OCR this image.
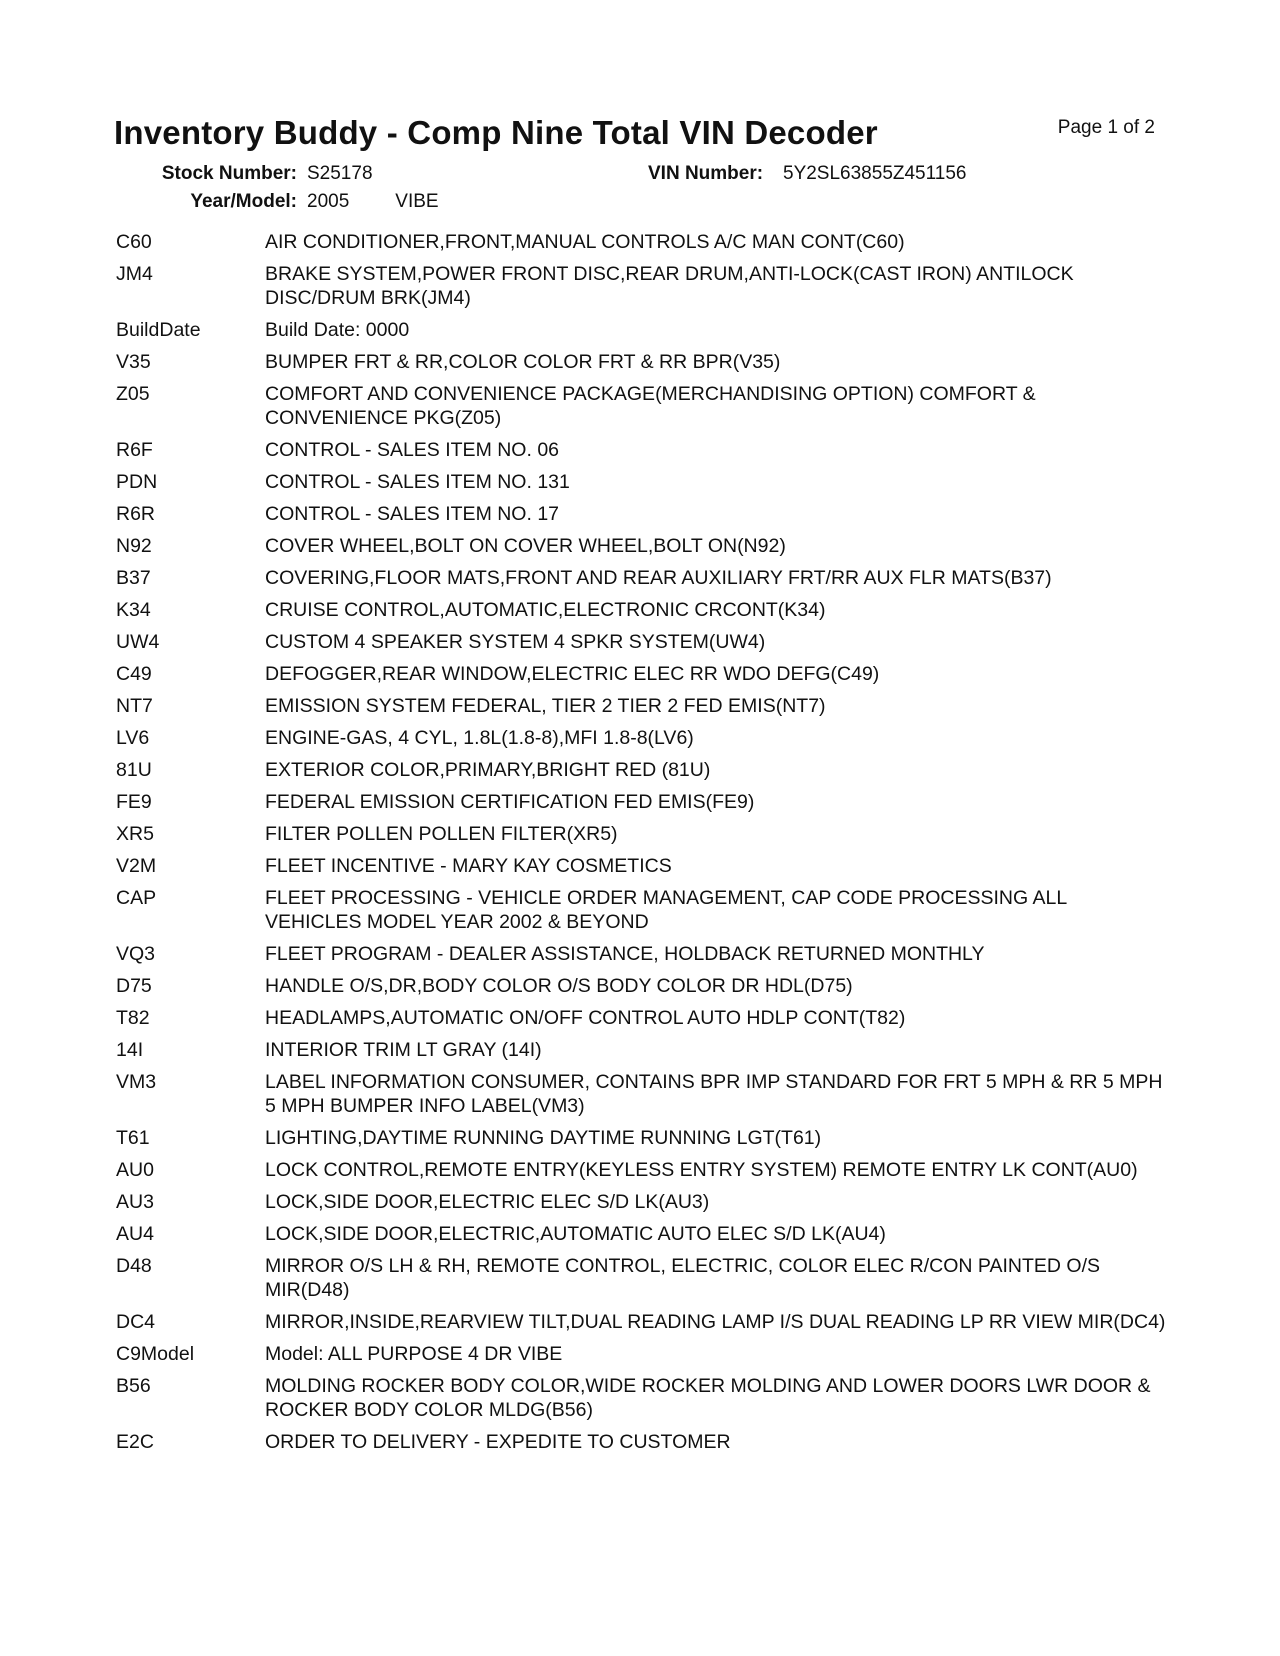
Inventory Buddy - Comp Nine Total VIN Decoder	Page 1 of 2
Stock Number: S25178	VIN Number: 5Y2SL63855Z451156
Year/Model: 2005 VIBE
C60	AIR CONDITIONER,FRONT,MANUAL CONTROLS A/C MAN CONT(C60)
JM4	BRAKE SYSTEM,POWER FRONT DISC,REAR DRUM,ANTI-LOCK(CAST IRON) ANTILOCK DISC/DRUM BRK(JM4)
BuildDate	Build Date: 0000
V35	BUMPER FRT & RR,COLOR COLOR FRT & RR BPR(V35)
Z05	COMFORT AND CONVENIENCE PACKAGE(MERCHANDISING OPTION) COMFORT & CONVENIENCE PKG(Z05)
R6F	CONTROL - SALES ITEM NO. 06
PDN	CONTROL - SALES ITEM NO. 131
R6R	CONTROL - SALES ITEM NO. 17
N92	COVER WHEEL,BOLT ON COVER WHEEL,BOLT ON(N92)
B37	COVERING,FLOOR MATS,FRONT AND REAR AUXILIARY FRT/RR AUX FLR MATS(B37)
K34	CRUISE CONTROL,AUTOMATIC,ELECTRONIC CRCONT(K34)
UW4	CUSTOM 4 SPEAKER SYSTEM 4 SPKR SYSTEM(UW4)
C49	DEFOGGER,REAR WINDOW,ELECTRIC ELEC RR WDO DEFG(C49)
NT7	EMISSION SYSTEM FEDERAL, TIER 2 TIER 2 FED EMIS(NT7)
LV6	ENGINE-GAS, 4 CYL, 1.8L(1.8-8),MFI 1.8-8(LV6)
81U	EXTERIOR COLOR,PRIMARY,BRIGHT RED (81U)
FE9	FEDERAL EMISSION CERTIFICATION FED EMIS(FE9)
XR5	FILTER POLLEN POLLEN FILTER(XR5)
V2M	FLEET INCENTIVE - MARY KAY COSMETICS
CAP	FLEET PROCESSING - VEHICLE ORDER MANAGEMENT, CAP CODE PROCESSING ALL VEHICLES MODEL YEAR 2002 & BEYOND
VQ3	FLEET PROGRAM - DEALER ASSISTANCE, HOLDBACK RETURNED MONTHLY
D75	HANDLE O/S,DR,BODY COLOR O/S BODY COLOR DR HDL(D75)
T82	HEADLAMPS,AUTOMATIC ON/OFF CONTROL AUTO HDLP CONT(T82)
14I	INTERIOR TRIM LT GRAY (14I)
VM3	LABEL INFORMATION CONSUMER, CONTAINS BPR IMP STANDARD FOR FRT 5 MPH & RR 5 MPH 5 MPH BUMPER INFO LABEL(VM3)
T61	LIGHTING,DAYTIME RUNNING DAYTIME RUNNING LGT(T61)
AU0	LOCK CONTROL,REMOTE ENTRY(KEYLESS ENTRY SYSTEM) REMOTE ENTRY LK CONT(AU0)
AU3	LOCK,SIDE DOOR,ELECTRIC ELEC S/D LK(AU3)
AU4	LOCK,SIDE DOOR,ELECTRIC,AUTOMATIC AUTO ELEC S/D LK(AU4)
D48	MIRROR O/S LH & RH, REMOTE CONTROL, ELECTRIC, COLOR ELEC R/CON PAINTED O/S MIR(D48)
DC4	MIRROR,INSIDE,REARVIEW TILT,DUAL READING LAMP I/S DUAL READING LP RR VIEW MIR(DC4)
C9Model	Model: ALL PURPOSE 4 DR VIBE
B56	MOLDING ROCKER BODY COLOR,WIDE ROCKER MOLDING AND LOWER DOORS LWR DOOR & ROCKER BODY COLOR MLDG(B56)
E2C	ORDER TO DELIVERY - EXPEDITE TO CUSTOMER
